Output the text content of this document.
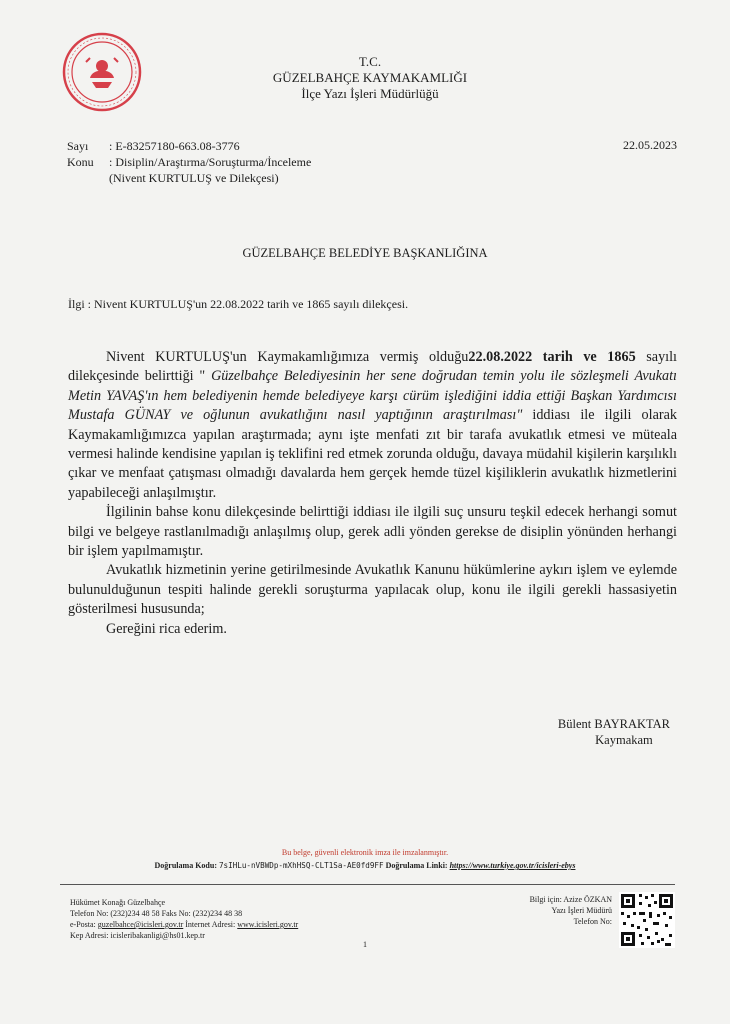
T.C.
GÜZELBAHÇE KAYMAKAMLIĞI
İlçe Yazı İşleri Müdürlüğü
Sayı	: E-83257180-663.08-3776
Konu	: Disiplin/Araştırma/Soruşturma/İnceleme
(Nivent KURTULUŞ ve Dilekçesi)
22.05.2023
GÜZELBAHÇE BELEDİYE BAŞKANLIĞINA
İlgi : Nivent KURTULUŞ'un 22.08.2022 tarih ve 1865 sayılı dilekçesi.

Nivent KURTULUŞ'un Kaymakamlığımıza vermiş olduğu22.08.2022 tarih ve 1865 sayılı dilekçesinde belirttiği " Güzelbahçe Belediyesinin her sene doğrudan temin yolu ile sözleşmeli Avukatı Metin YAVAŞ'ın hem belediyenin hemde belediyeye karşı cürüm işlediğini iddia ettiği Başkan Yardımcısı Mustafa GÜNAY ve oğlunun avukatlığını nasıl yaptığının araştırılması" iddiası ile ilgili olarak Kaymakamlığımızca yapılan araştırmada; aynı işte menfati zıt bir tarafa avukatlık etmesi ve müteala vermesi halinde kendisine yapılan iş teklifini red etmek zorunda olduğu, davaya müdahil kişilerin karşılıklı çıkar ve menfaat çatışması olmadığı davalarda hem gerçek hemde tüzel kişiliklerin avukatlık hizmetlerini yapabileceği anlaşılmıştır.

İlgilinin bahse konu dilekçesinde belirttiği iddiası ile ilgili suç unsuru teşkil edecek herhangi somut bilgi ve belgeye rastlanılmadığı anlaşılmış olup, gerek adli yönden gerekse de disiplin yönünden herhangi bir işlem yapılmamıştır.

Avukatlık hizmetinin yerine getirilmesinde Avukatlık Kanunu hükümlerine aykırı işlem ve eylemde bulunulduğunun tespiti halinde gerekli soruşturma yapılacak olup, konu ile ilgili gerekli hassasiyetin gösterilmesi hususunda;

Gereğini rica ederim.

Bülent BAYRAKTAR
Kaymakam
Bu belge, güvenli elektronik imza ile imzalanmıştır.
Doğrulama Kodu: 7sIHLu-nVBWDp-mXhHSQ-CLT1Sa-AE0fd9FF Doğrulama Linki: https://www.turkiye.gov.tr/icisleri-ebys
Hükümet Konağı Güzelbahçe
Telefon No: (232)234 48 58 Faks No: (232)234 48 38
e-Posta: guzelbahce@icisleri.gov.tr İnternet Adresi: www.icisleri.gov.tr
Kep Adresi: icisleribakanligi@hs01.kep.tr
Bilgi için: Azize ÖZKAN
Yazı İşleri Müdürü
Telefon No:
1
